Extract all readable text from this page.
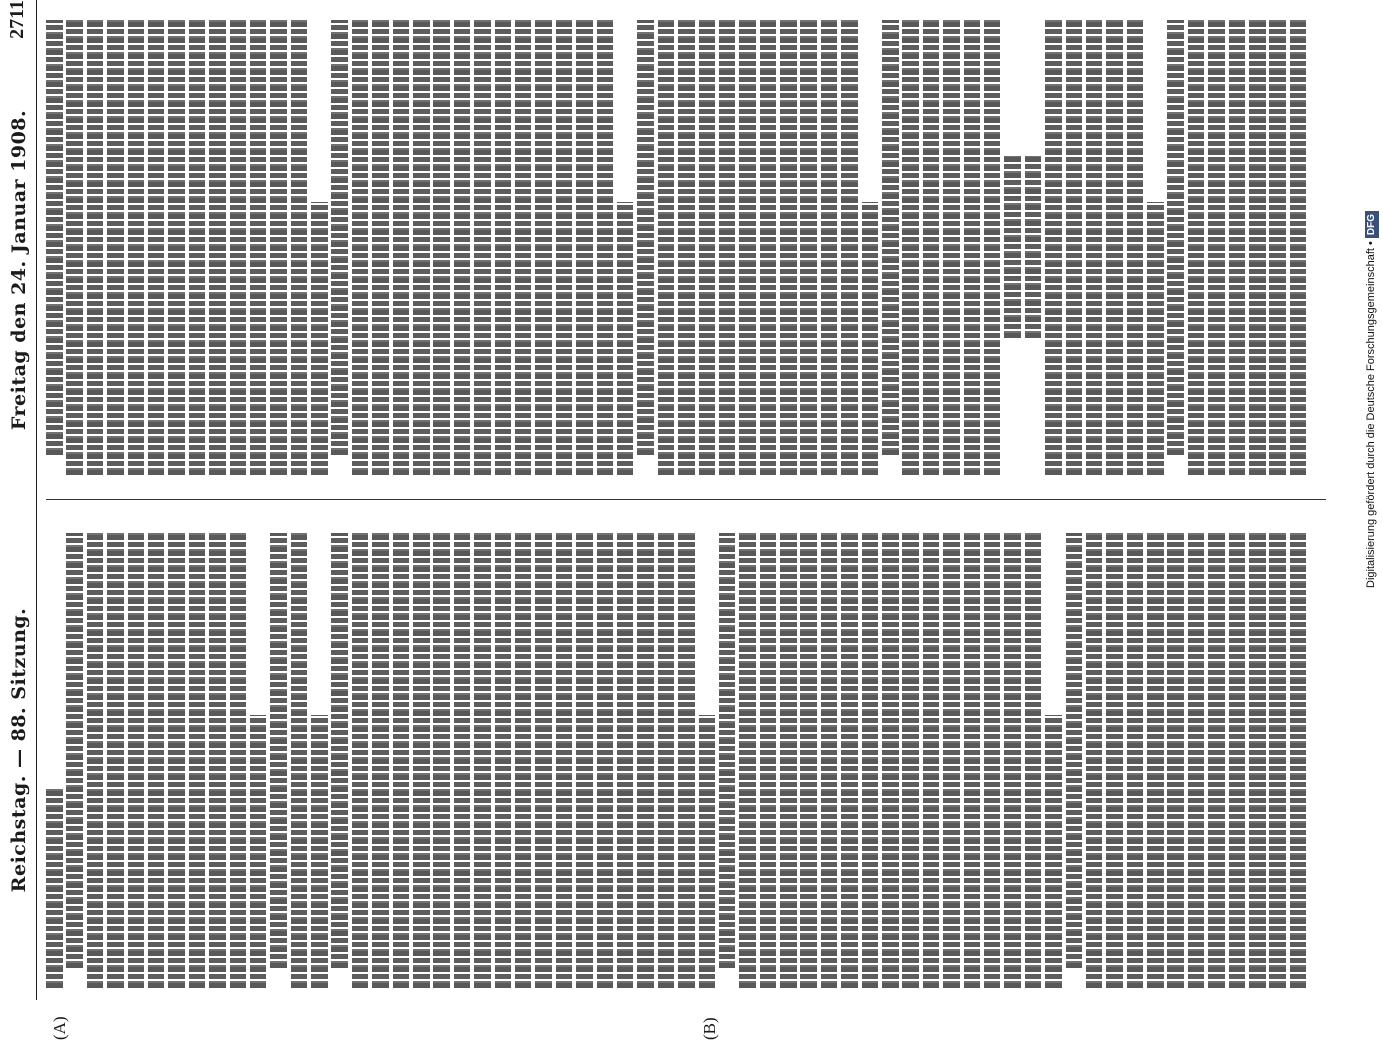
Reichstag. — 88. Sitzung.
Freitag den 24. Januar 1908.
2711
(A)	(B)
Digitalisierung gefördert durch die Deutsche Forschungsgemeinschaft • DFG
